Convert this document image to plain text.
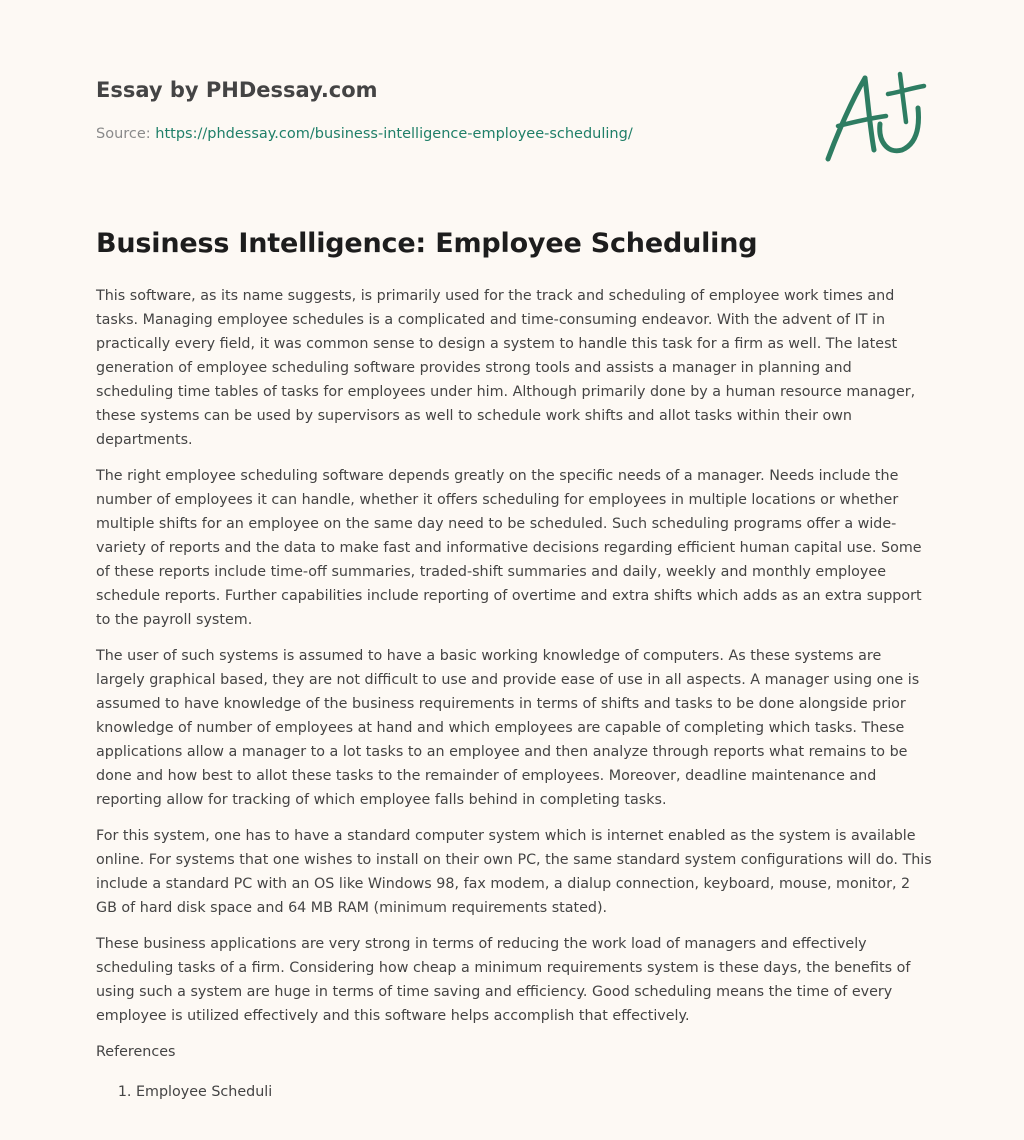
Essay by PHDessay.com
Source: https://phdessay.com/business-intelligence-employee-scheduling/
Business Intelligence: Employee Scheduling

This software, as its name suggests, is primarily used for the track and scheduling of employee work times and tasks. Managing employee schedules is a complicated and time-consuming endeavor. With the advent of IT in practically every field, it was common sense to design a system to handle this task for a firm as well. The latest generation of employee scheduling software provides strong tools and assists a manager in planning and scheduling time tables of tasks for employees under him. Although primarily done by a human resource manager, these systems can be used by supervisors as well to schedule work shifts and allot tasks within their own departments.

The right employee scheduling software depends greatly on the specific needs of a manager. Needs include the number of employees it can handle, whether it offers scheduling for employees in multiple locations or whether multiple shifts for an employee on the same day need to be scheduled. Such scheduling programs offer a wide-variety of reports and the data to make fast and informative decisions regarding efficient human capital use. Some of these reports include time-off summaries, traded-shift summaries and daily, weekly and monthly employee schedule reports. Further capabilities include reporting of overtime and extra shifts which adds as an extra support to the payroll system.

The user of such systems is assumed to have a basic working knowledge of computers. As these systems are largely graphical based, they are not difficult to use and provide ease of use in all aspects. A manager using one is assumed to have knowledge of the business requirements in terms of shifts and tasks to be done alongside prior knowledge of number of employees at hand and which employees are capable of completing which tasks. These applications allow a manager to a lot tasks to an employee and then analyze through reports what remains to be done and how best to allot these tasks to the remainder of employees. Moreover, deadline maintenance and reporting allow for tracking of which employee falls behind in completing tasks.

For this system, one has to have a standard computer system which is internet enabled as the system is available online. For systems that one wishes to install on their own PC, the same standard system configurations will do. This include a standard PC with an OS like Windows 98, fax modem, a dialup connection, keyboard, mouse, monitor, 2 GB of hard disk space and 64 MB RAM (minimum requirements stated).

These business applications are very strong in terms of reducing the work load of managers and effectively scheduling tasks of a firm. Considering how cheap a minimum requirements system is these days, the benefits of using such a system are huge in terms of time saving and efficiency. Good scheduling means the time of every employee is utilized effectively and this software helps accomplish that effectively.

References
1. Employee Scheduli
